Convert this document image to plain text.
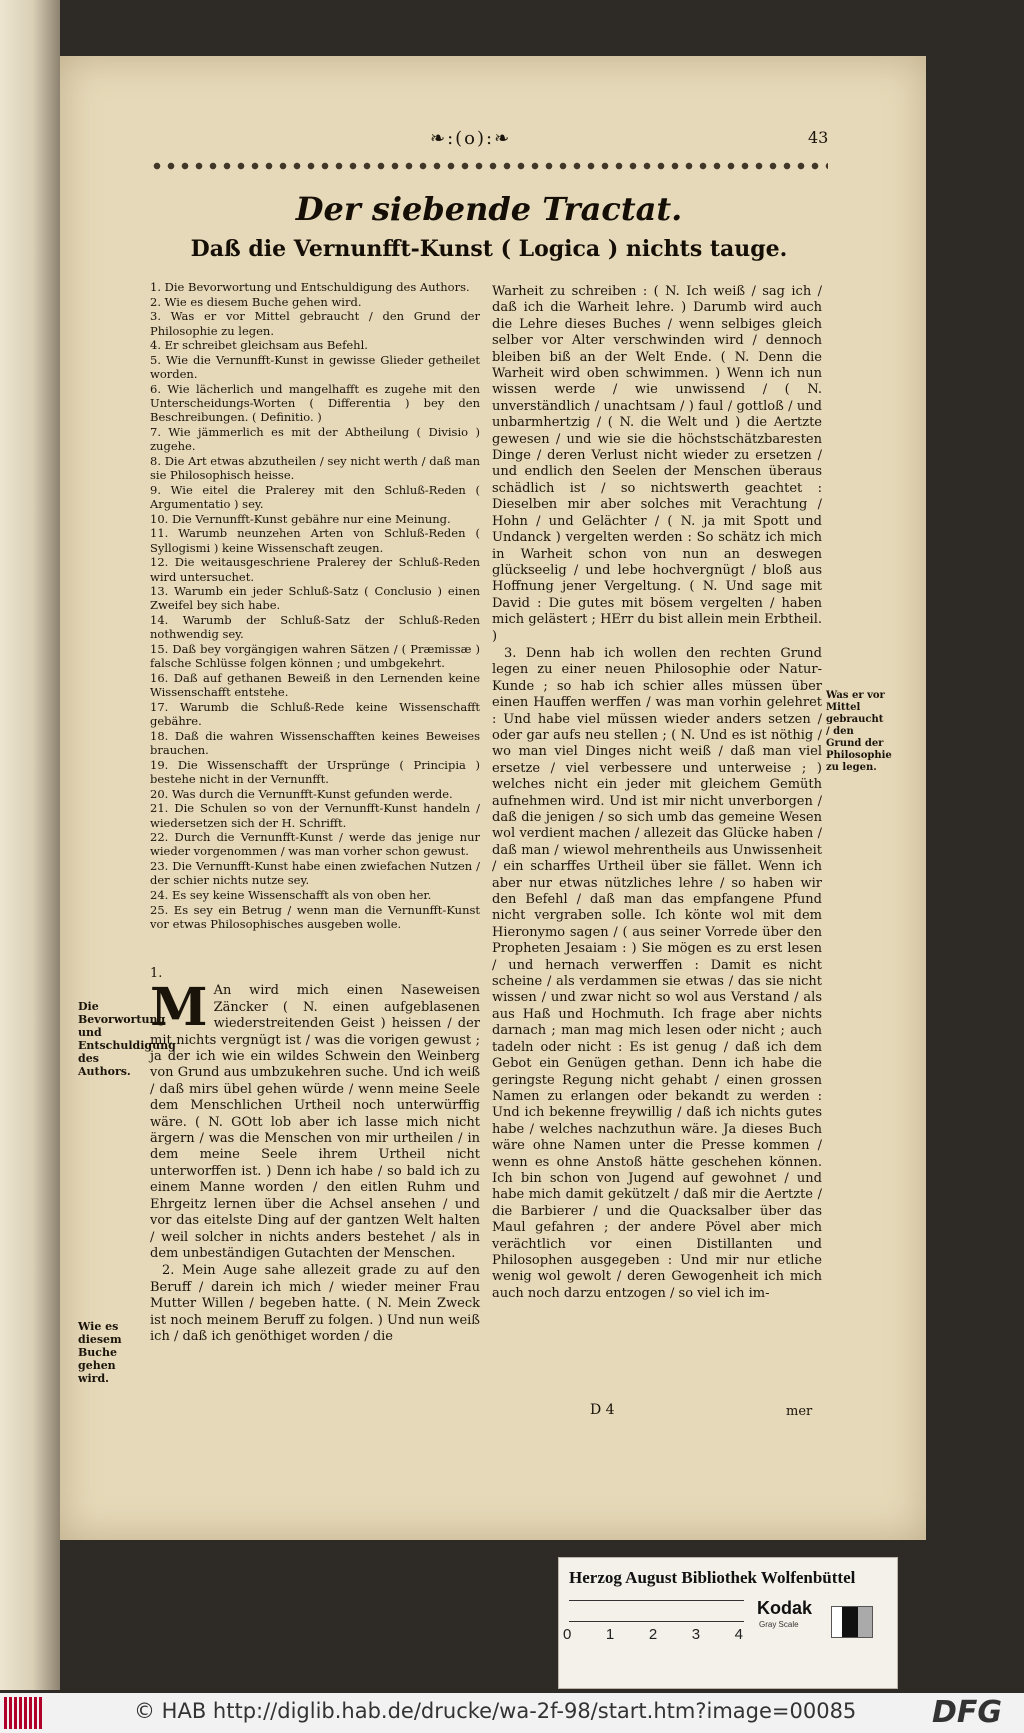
❧:(o):❧	43
Der siebende Tractat.
Daß die Vernunfft-Kunst ( Logica ) nichts tauge.
1. Die Bevorwortung und Entschuldigung des Authors.
2. Wie es diesem Buche gehen wird.
3. Was er vor Mittel gebraucht / den Grund der Philosophie zu legen.
4. Er schreibet gleichsam aus Befehl.
5. Wie die Vernunfft-Kunst in gewisse Glieder getheilet worden.
6. Wie lächerlich und mangelhafft es zugehe mit den Unterscheidungs-Worten ( Differentia ) bey den Beschreibungen. ( Definitio. )
7. Wie jämmerlich es mit der Abtheilung ( Divisio ) zugehe.
8. Die Art etwas abzutheilen / sey nicht werth / daß man sie Philosophisch heisse.
9. Wie eitel die Pralerey mit den Schluß-Reden ( Argumentatio ) sey.
10. Die Vernunfft-Kunst gebähre nur eine Meinung.
11. Warumb neunzehen Arten von Schluß-Reden ( Syllogismi ) keine Wissenschaft zeugen.
12. Die weitausgeschriene Pralerey der Schluß-Reden wird untersuchet.
13. Warumb ein jeder Schluß-Satz ( Conclusio ) einen Zweifel bey sich habe.
14. Warumb der Schluß-Satz der Schluß-Reden nothwendig sey.
15. Daß bey vorgängigen wahren Sätzen / ( Præmissæ ) falsche Schlüsse folgen können ; und umbgekehrt.
16. Daß auf gethanen Beweiß in den Lernenden keine Wissenschafft entstehe.
17. Warumb die Schluß-Rede keine Wissenschafft gebähre.
18. Daß die wahren Wissenschafften keines Beweises brauchen.
19. Die Wissenschafft der Ursprünge ( Principia ) bestehe nicht in der Vernunfft.
20. Was durch die Vernunfft-Kunst gefunden werde.
21. Die Schulen so von der Vernunfft-Kunst handeln / wiedersetzen sich der H. Schrifft.
22. Durch die Vernunfft-Kunst / werde das jenige nur wieder vorgenommen / was man vorher schon gewust.
23. Die Vernunfft-Kunst habe einen zwiefachen Nutzen / der schier nichts nutze sey.
24. Es sey keine Wissenschafft als von oben her.
25. Es sey ein Betrug / wenn man die Vernunfft-Kunst vor etwas Philosophisches ausgeben wolle.
Die Bevorwortung und Entschuldigung des Authors.
Wie es diesem Buche gehen wird.
Was er vor Mittel gebraucht / den Grund der Philosophie zu legen.

1.

M An wird mich einen Naseweisen Zäncker ( N. einen aufgeblasenen wiederstreitenden Geist ) heissen / der mit nichts vergnügt ist / was die vorigen gewust ; ja der ich wie ein wildes Schwein den Weinberg von Grund aus umbzukehren suche. Und ich weiß / daß mirs übel gehen würde / wenn meine Seele dem Menschlichen Urtheil noch unterwürffig wäre. ( N. GOtt lob aber ich lasse mich nicht ärgern / was die Menschen von mir urtheilen / in dem meine Seele ihrem Urtheil nicht unterworffen ist. ) Denn ich habe / so bald ich zu einem Manne worden / den eitlen Ruhm und Ehrgeitz lernen über die Achsel ansehen / und vor das eitelste Ding auf der gantzen Welt halten / weil solcher in nichts anders bestehet / als in dem unbeständigen Gutachten der Menschen.

2. Mein Auge sahe allezeit grade zu auf den Beruff / darein ich mich / wieder meiner Frau Mutter Willen / begeben hatte. ( N. Mein Zweck ist noch meinem Beruff zu folgen. ) Und nun weiß ich / daß ich genöthiget worden / die

Warheit zu schreiben : ( N. Ich weiß / sag ich / daß ich die Warheit lehre. ) Darumb wird auch die Lehre dieses Buches / wenn selbiges gleich selber vor Alter verschwinden wird / dennoch bleiben biß an der Welt Ende. ( N. Denn die Warheit wird oben schwimmen. ) Wenn ich nun wissen werde / wie unwissend / ( N. unverständlich / unachtsam / ) faul / gottloß / und unbarmhertzig / ( N. die Welt und ) die Aertzte gewesen / und wie sie die höchstschätzbaresten Dinge / deren Verlust nicht wieder zu ersetzen / und endlich den Seelen der Menschen überaus schädlich ist / so nichtswerth geachtet : Dieselben mir aber solches mit Verachtung / Hohn / und Gelächter / ( N. ja mit Spott und Undanck ) vergelten werden : So schätz ich mich in Warheit schon von nun an deswegen glückseelig / und lebe hochvergnügt / bloß aus Hoffnung jener Vergeltung. ( N. Und sage mit David : Die gutes mit bösem vergelten / haben mich gelästert ; HErr du bist allein mein Erbtheil. )

3. Denn hab ich wollen den rechten Grund legen zu einer neuen Philosophie oder Natur-Kunde ; so hab ich schier alles müssen über einen Hauffen werffen / was man vorhin gelehret : Und habe viel müssen wieder anders setzen / oder gar aufs neu stellen ; ( N. Und es ist nöthig / wo man viel Dinges nicht weiß / daß man viel ersetze / viel verbessere und unterweise ; ) welches nicht ein jeder mit gleichem Gemüth aufnehmen wird. Und ist mir nicht unverborgen / daß die jenigen / so sich umb das gemeine Wesen wol verdient machen / allezeit das Glücke haben / daß man / wiewol mehrentheils aus Unwissenheit / ein scharffes Urtheil über sie fället. Wenn ich aber nur etwas nützliches lehre / so haben wir den Befehl / daß man das empfangene Pfund nicht vergraben solle. Ich könte wol mit dem Hieronymo sagen / ( aus seiner Vorrede über den Propheten Jesaiam : ) Sie mögen es zu erst lesen / und hernach verwerffen : Damit es nicht scheine / als verdammen sie etwas / das sie nicht wissen / und zwar nicht so wol aus Verstand / als aus Haß und Hochmuth. Ich frage aber nichts darnach ; man mag mich lesen oder nicht ; auch tadeln oder nicht : Es ist genug / daß ich dem Gebot ein Genügen gethan. Denn ich habe die geringste Regung nicht gehabt / einen grossen Namen zu erlangen oder bekandt zu werden : Und ich bekenne freywillig / daß ich nichts gutes habe / welches nachzuthun wäre. Ja dieses Buch wäre ohne Namen unter die Presse kommen / wenn es ohne Anstoß hätte geschehen können. Ich bin schon von Jugend auf gewohnet / und habe mich damit gekützelt / daß mir die Aertzte / die Barbierer / und die Quacksalber über das Maul gefahren ; der andere Pövel aber mich verächtlich vor einen Distillanten und Philosophen ausgegeben : Und mir nur etliche wenig wol gewolt / deren Gewogenheit ich mich auch noch darzu entzogen / so viel ich im-

D 4	mer
Herzog August Bibliothek Wolfenbüttel
0 1 2 3 4
Kodak
Gray Scale
© HAB http://diglib.hab.de/drucke/wa-2f-98/start.htm?image=00085	DFG
